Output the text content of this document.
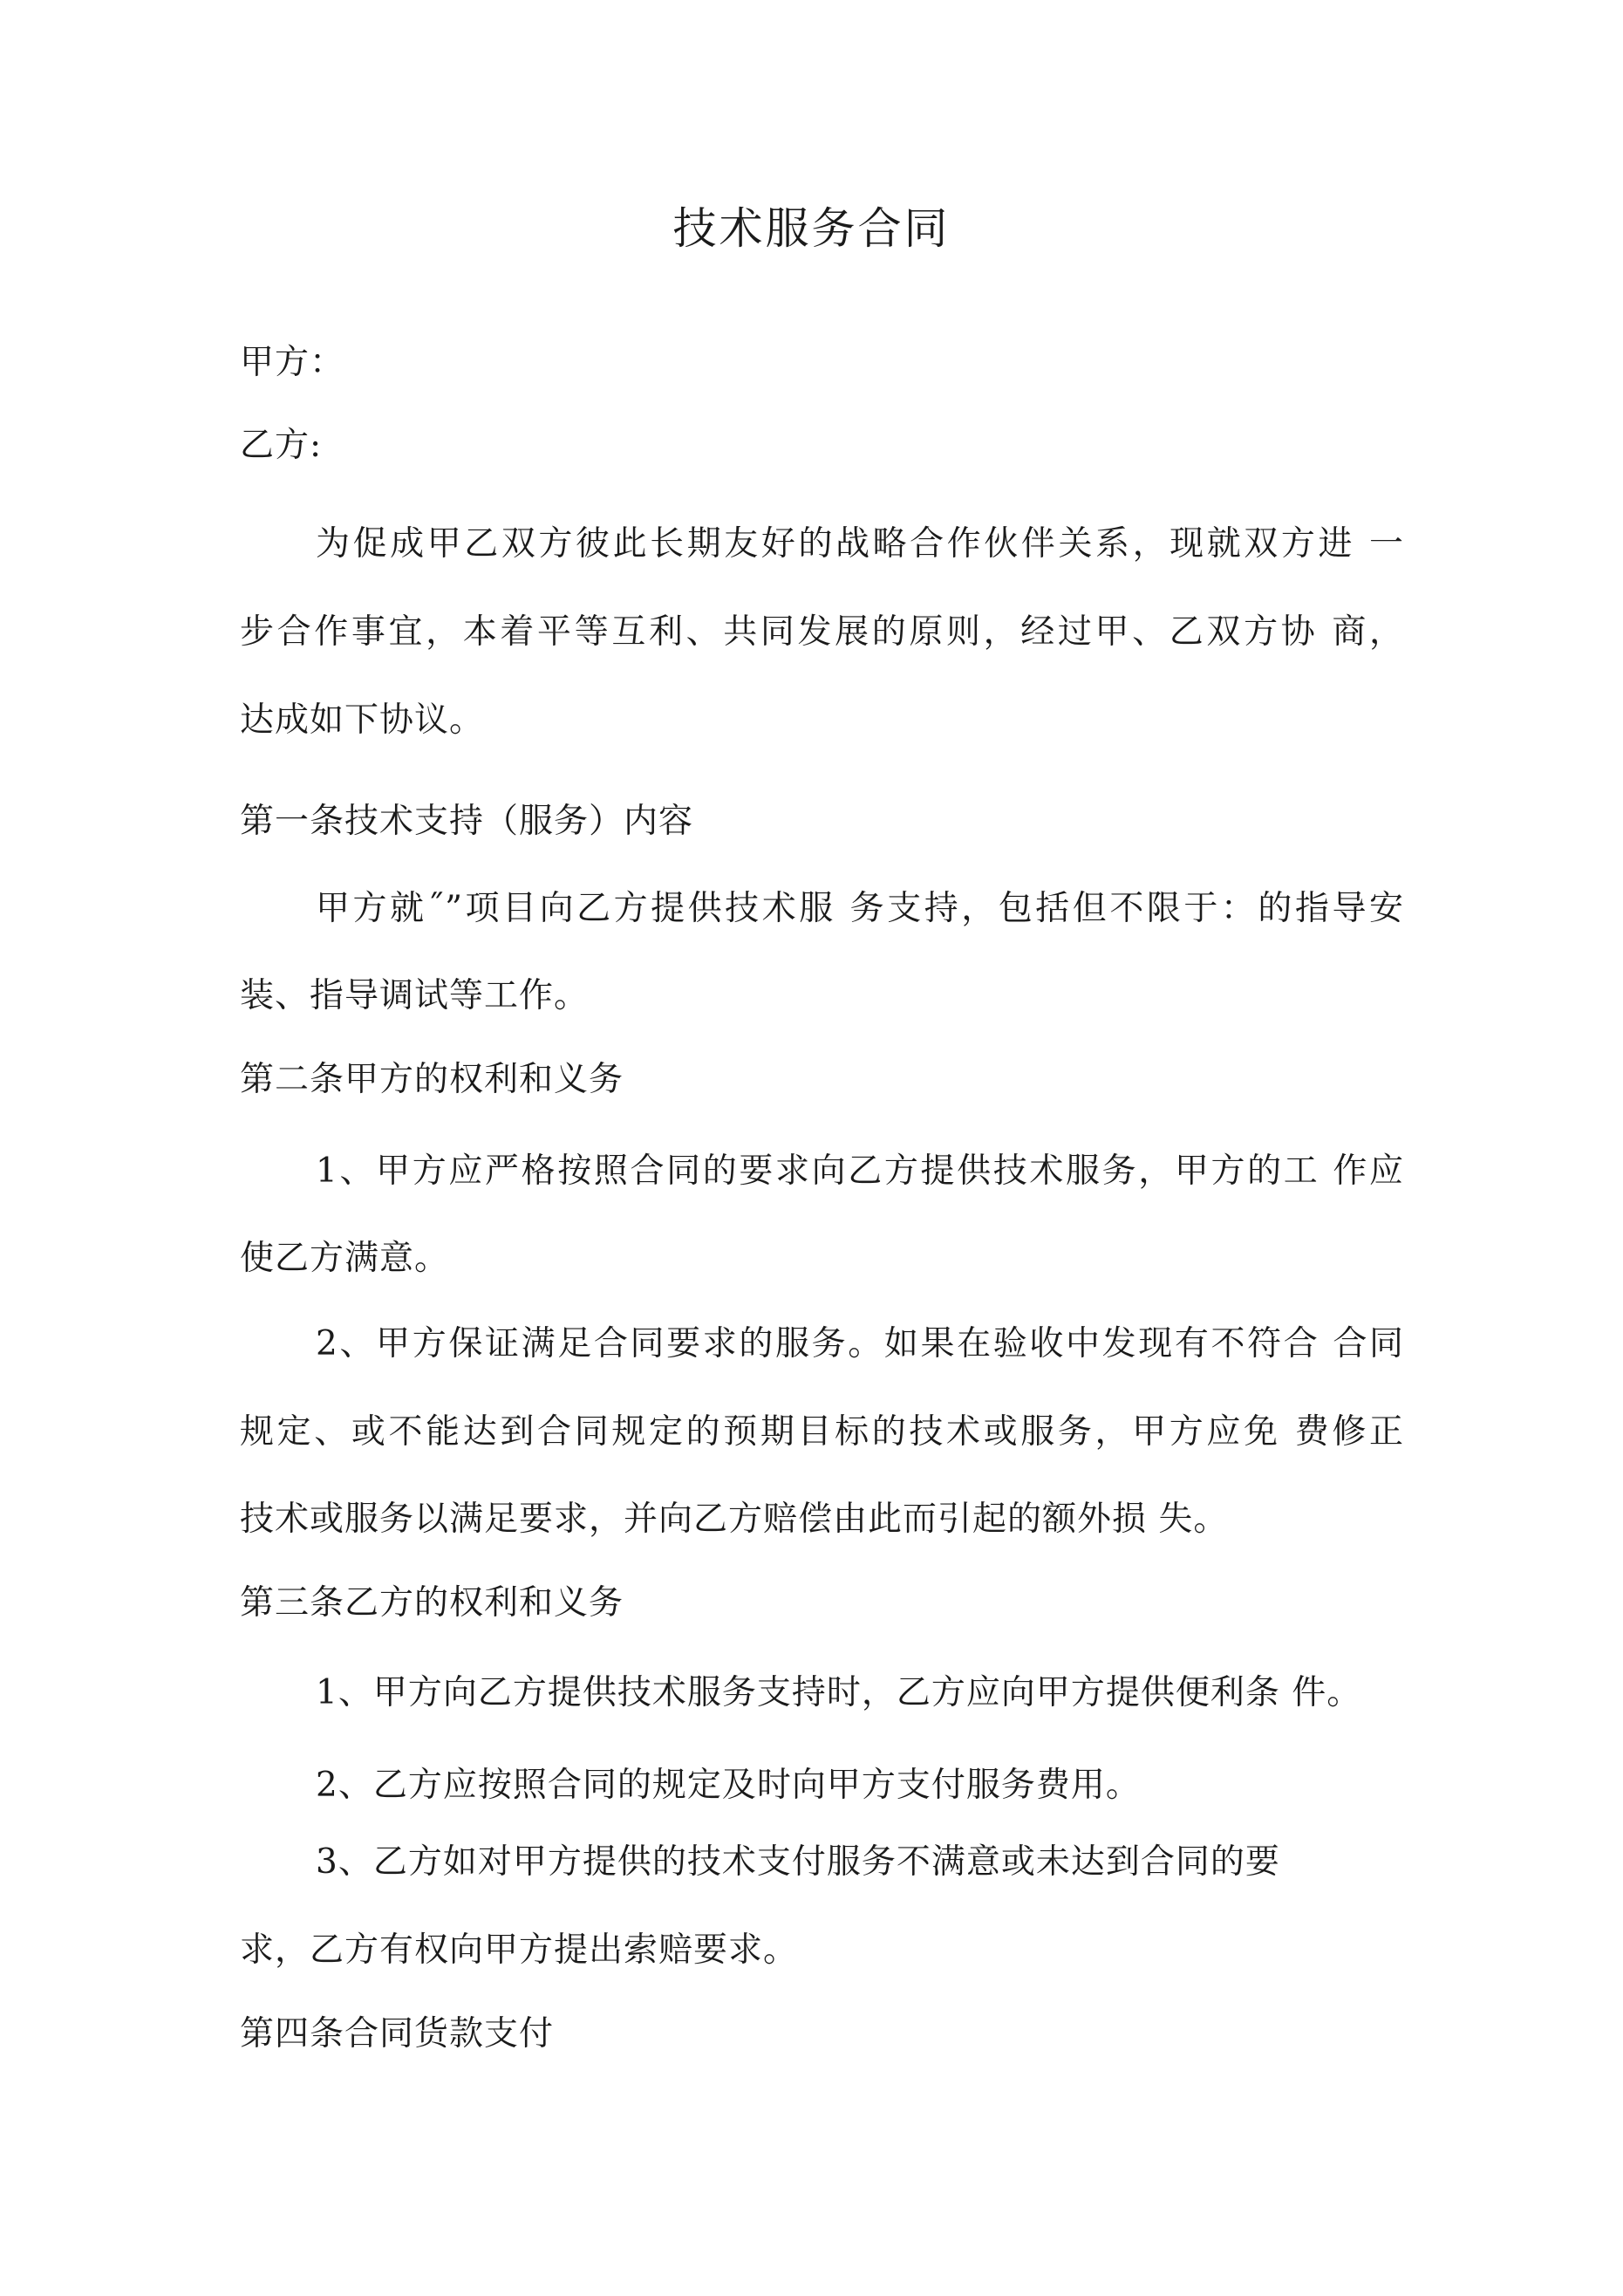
技术服务合同
甲方：
乙方:
为促成甲乙双方彼此长期友好的战略合作伙伴关系，现就双方进 一
步合作事宜，本着平等互利、共同发展的原则，经过甲、乙双方协 商，
达成如下协议。
第一条技术支持（服务）内容
甲方就˝”项目向乙方提供技术服 务支持，包括但不限于：的指导安
装、指导调试等工作。
第二条甲方的权利和义务
1、甲方应严格按照合同的要求向乙方提供技术服务，甲方的工 作应
使乙方满意。
2、甲方保证满足合同要求的服务。如果在验收中发现有不符合 合同
规定、或不能达到合同规定的预期目标的技术或服务，甲方应免 费修正
技术或服务以满足要求，并向乙方赔偿由此而引起的额外损 失。
第三条乙方的权利和义务
1、甲方向乙方提供技术服务支持时，乙方应向甲方提供便利条 件。
2、乙方应按照合同的规定及时向甲方支付服务费用。
3、乙方如对甲方提供的技术支付服务不满意或未达到合同的要
求，乙方有权向甲方提出索赔要求。
第四条合同货款支付
